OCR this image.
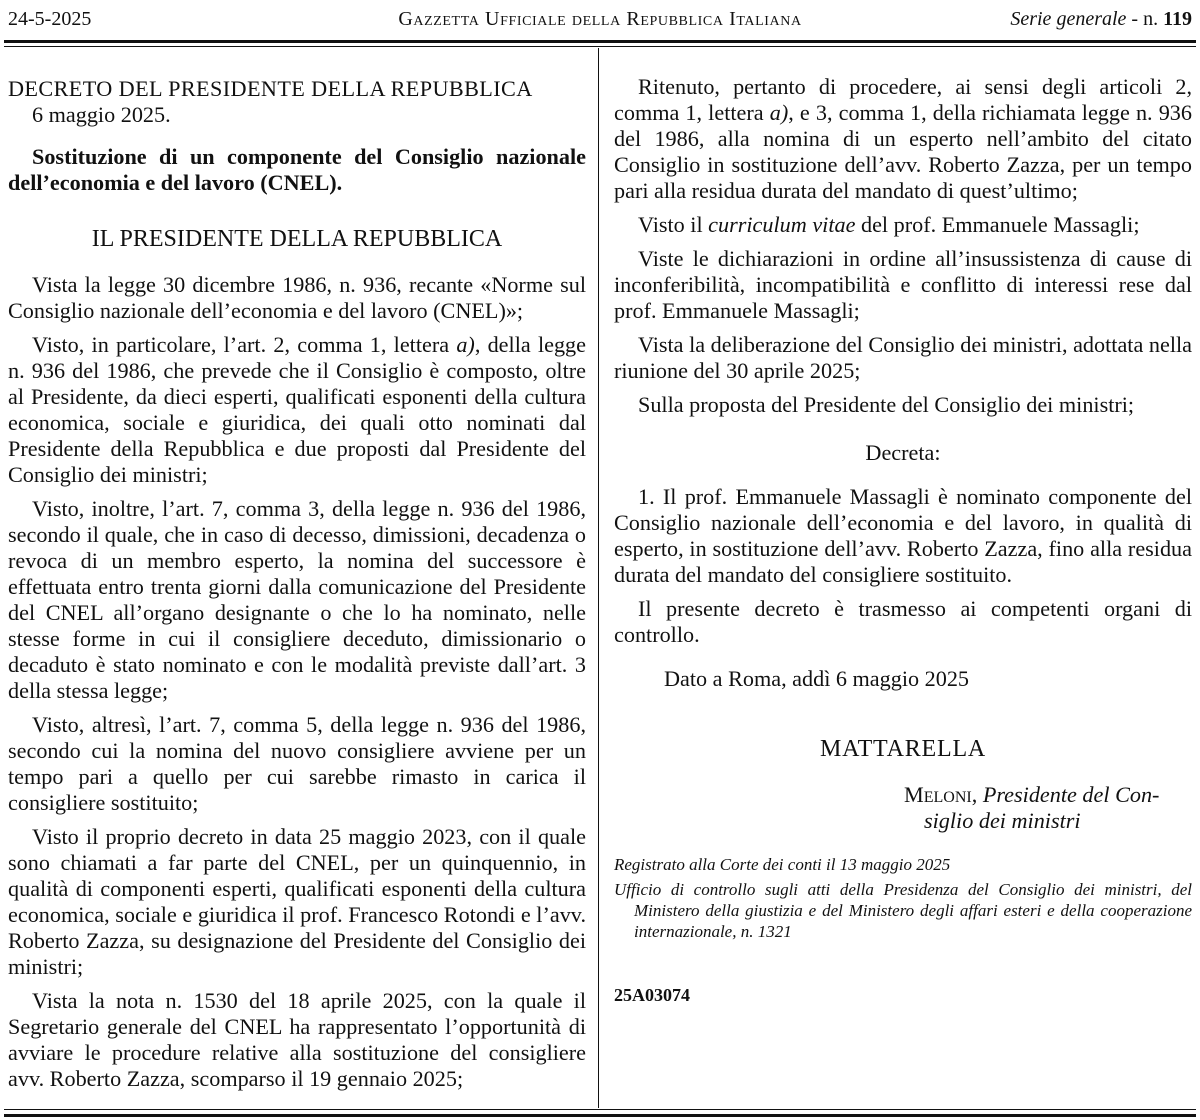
24-5-2025	Gazzetta Ufficiale della Repubblica Italiana	Serie generale - n. 119

DECRETO DEL PRESIDENTE DELLA REPUBBLICA

6 maggio 2025.

Sostituzione di un componente del Consiglio nazionale dell’economia e del lavoro (CNEL).

IL PRESIDENTE DELLA REPUBBLICA

Vista la legge 30 dicembre 1986, n. 936, recante «Norme sul Consiglio nazionale dell’economia e del lavoro (CNEL)»;

Visto, in particolare, l’art. 2, comma 1, lettera a), della legge n. 936 del 1986, che prevede che il Consiglio è composto, oltre al Presidente, da dieci esperti, qualificati esponenti della cultura economica, sociale e giuridica, dei quali otto nominati dal Presidente della Repubblica e due proposti dal Presidente del Consiglio dei ministri;

Visto, inoltre, l’art. 7, comma 3, della legge n. 936 del 1986, secondo il quale, che in caso di decesso, dimissioni, decadenza o revoca di un membro esperto, la nomina del successore è effettuata entro trenta giorni dalla comunicazione del Presidente del CNEL all’organo designante o che lo ha nominato, nelle stesse forme in cui il consigliere deceduto, dimissionario o decaduto è stato nominato e con le modalità previste dall’art. 3 della stessa legge;

Visto, altresì, l’art. 7, comma 5, della legge n. 936 del 1986, secondo cui la nomina del nuovo consigliere avviene per un tempo pari a quello per cui sarebbe rimasto in carica il consigliere sostituito;

Visto il proprio decreto in data 25 maggio 2023, con il quale sono chiamati a far parte del CNEL, per un quinquennio, in qualità di componenti esperti, qualificati esponenti della cultura economica, sociale e giuridica il prof. Francesco Rotondi e l’avv. Roberto Zazza, su designazione del Presidente del Consiglio dei ministri;

Vista la nota n. 1530 del 18 aprile 2025, con la quale il Segretario generale del CNEL ha rappresentato l’opportunità di avviare le procedure relative alla sostituzione del consigliere avv. Roberto Zazza, scomparso il 19 gennaio 2025;

Ritenuto, pertanto di procedere, ai sensi degli articoli 2, comma 1, lettera a), e 3, comma 1, della richiamata legge n. 936 del 1986, alla nomina di un esperto nell’ambito del citato Consiglio in sostituzione dell’avv. Roberto Zazza, per un tempo pari alla residua durata del mandato di quest’ultimo;

Visto il curriculum vitae del prof. Emmanuele Massagli;

Viste le dichiarazioni in ordine all’insussistenza di cause di inconferibilità, incompatibilità e conflitto di interessi rese dal prof. Emmanuele Massagli;

Vista la deliberazione del Consiglio dei ministri, adottata nella riunione del 30 aprile 2025;

Sulla proposta del Presidente del Consiglio dei ministri;

Decreta:

1. Il prof. Emmanuele Massagli è nominato componente del Consiglio nazionale dell’economia e del lavoro, in qualità di esperto, in sostituzione dell’avv. Roberto Zazza, fino alla residua durata del mandato del consigliere sostituito.

Il presente decreto è trasmesso ai competenti organi di controllo.

Dato a Roma, addì 6 maggio 2025

MATTARELLA

Meloni, Presidente del Con-
siglio dei ministri

Registrato alla Corte dei conti il 13 maggio 2025

Ufficio di controllo sugli atti della Presidenza del Consiglio dei ministri, del Ministero della giustizia e del Ministero degli affari esteri e della cooperazione internazionale, n. 1321

25A03074
